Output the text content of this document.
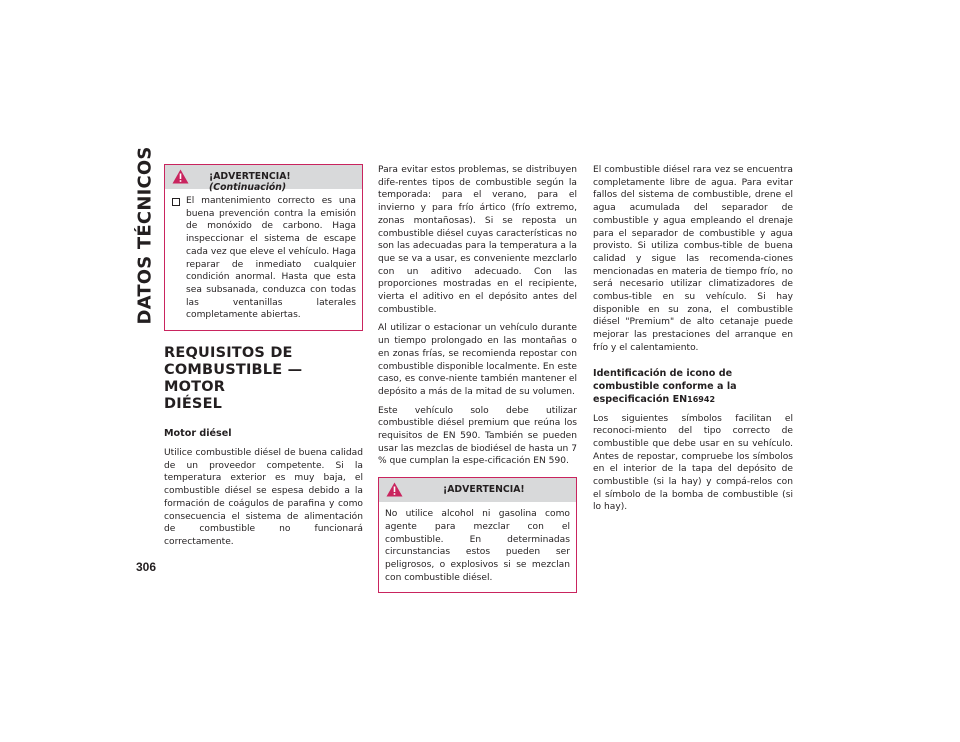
DATOS TÉCNICOS
306
¡ADVERTENCIA! (Continuación)

El mantenimiento correcto es una buena prevención contra la emisión de monóxido de carbono. Haga inspeccionar el sistema de escape cada vez que eleve el vehículo. Haga reparar de inmediato cualquier condición anormal. Hasta que esta sea subsanada, conduzca con todas las ventanillas laterales completamente abiertas.

REQUISITOS DE

COMBUSTIBLE — MOTOR

DIÉSEL

Motor diésel

Utilice combustible diésel de buena calidad de un proveedor competente. Si la temperatura exterior es muy baja, el combustible diésel se espesa debido a la formación de coágulos de parafina y como consecuencia el sistema de alimentación de combustible no funcionará correctamente.

Para evitar estos problemas, se distribuyen dife-rentes tipos de combustible según la temporada: para el verano, para el invierno y para frío ártico (frío extremo, zonas montañosas). Si se reposta un combustible diésel cuyas características no son las adecuadas para la temperatura a la que se va a usar, es conveniente mezclarlo con un aditivo adecuado. Con las proporciones mostradas en el recipiente, vierta el aditivo en el depósito antes del combustible.

Al utilizar o estacionar un vehículo durante un tiempo prolongado en las montañas o en zonas frías, se recomienda repostar con combustible disponible localmente. En este caso, es conve-niente también mantener el depósito a más de la mitad de su volumen.

Este vehículo solo debe utilizar combustible diésel premium que reúna los requisitos de EN 590. También se pueden usar las mezclas de biodiésel de hasta un 7 % que cumplan la espe-cificación EN 590.

¡ADVERTENCIA!

No utilice alcohol ni gasolina como agente para mezclar con el combustible. En determinadas circunstancias estos pueden ser peligrosos, o explosivos si se mezclan con combustible diésel.

El combustible diésel rara vez se encuentra completamente libre de agua. Para evitar fallos del sistema de combustible, drene el agua acumulada del separador de combustible y agua empleando el drenaje para el separador de combustible y agua provisto. Si utiliza combus-tible de buena calidad y sigue las recomenda-ciones mencionadas en materia de tiempo frío, no será necesario utilizar climatizadores de combus-tible en su vehículo. Si hay disponible en su zona, el combustible diésel "Premium" de alto cetanaje puede mejorar las prestaciones del arranque en frío y el calentamiento.

Identificación de icono de combustible conforme a la especificación EN16942

Los siguientes símbolos facilitan el reconoci-miento del tipo correcto de combustible que debe usar en su vehículo. Antes de repostar, compruebe los símbolos en el interior de la tapa del depósito de combustible (si la hay) y compá-relos con el símbolo de la bomba de combustible (si lo hay).
